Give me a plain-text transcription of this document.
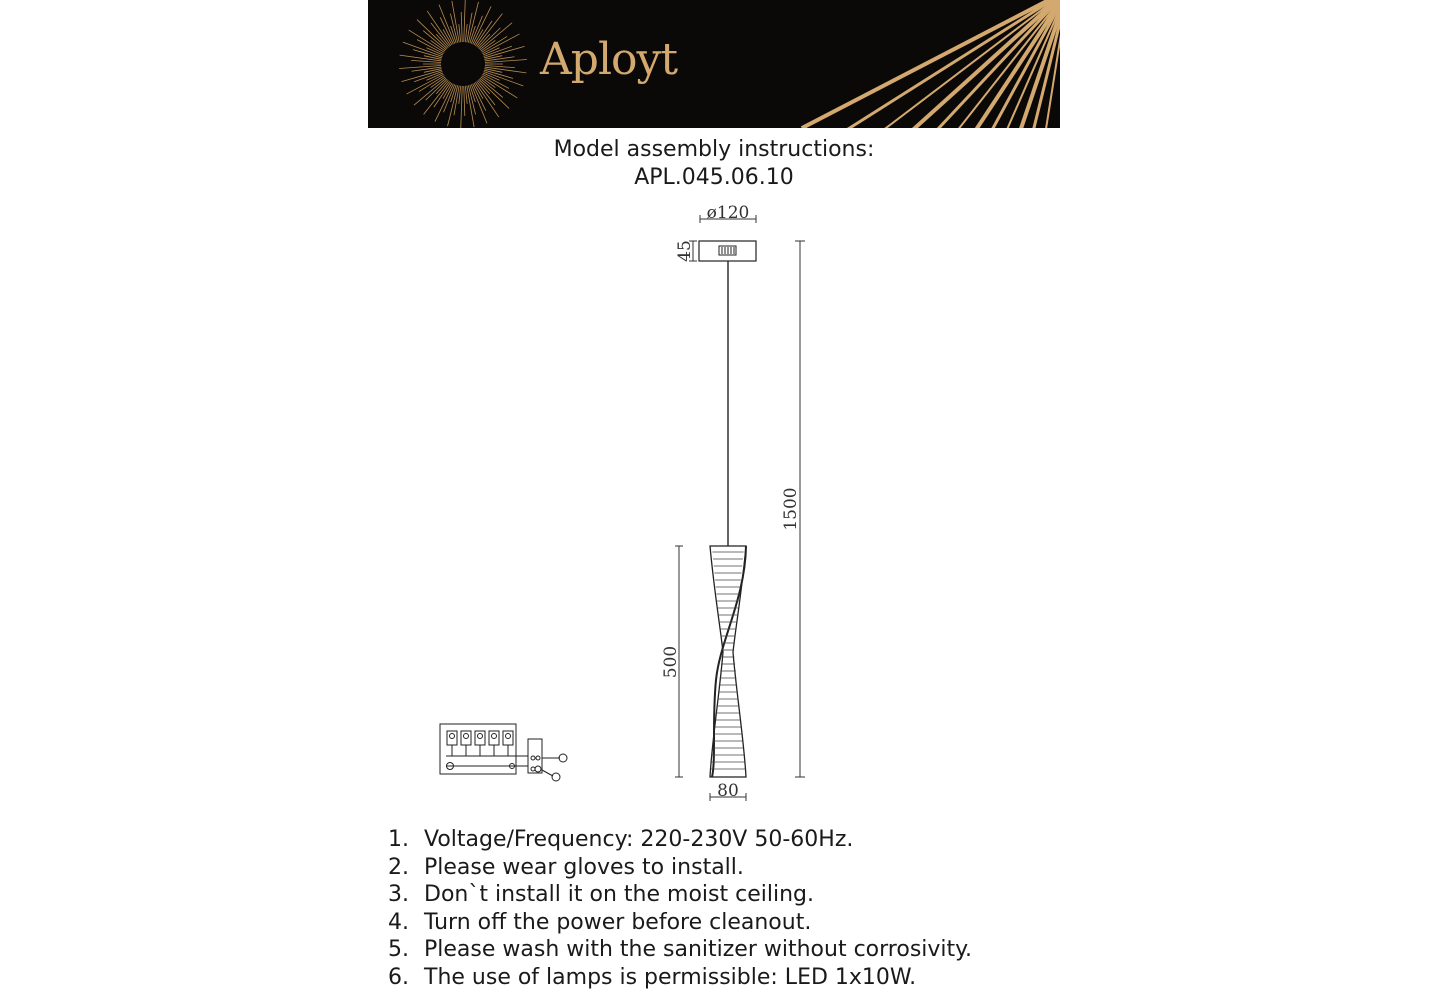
Aployt
Model assembly instructions:
APL.045.06.10
ø120
45
1500
500
80
1. Voltage/Frequency: 220-230V 50-60Hz.
2. Please wear gloves to install.
3. Don`t install it on the moist ceiling.
4. Turn off the power before cleanout.
5. Please wash with the sanitizer without corrosivity.
6. The use of lamps is permissible: LED 1x10W.
